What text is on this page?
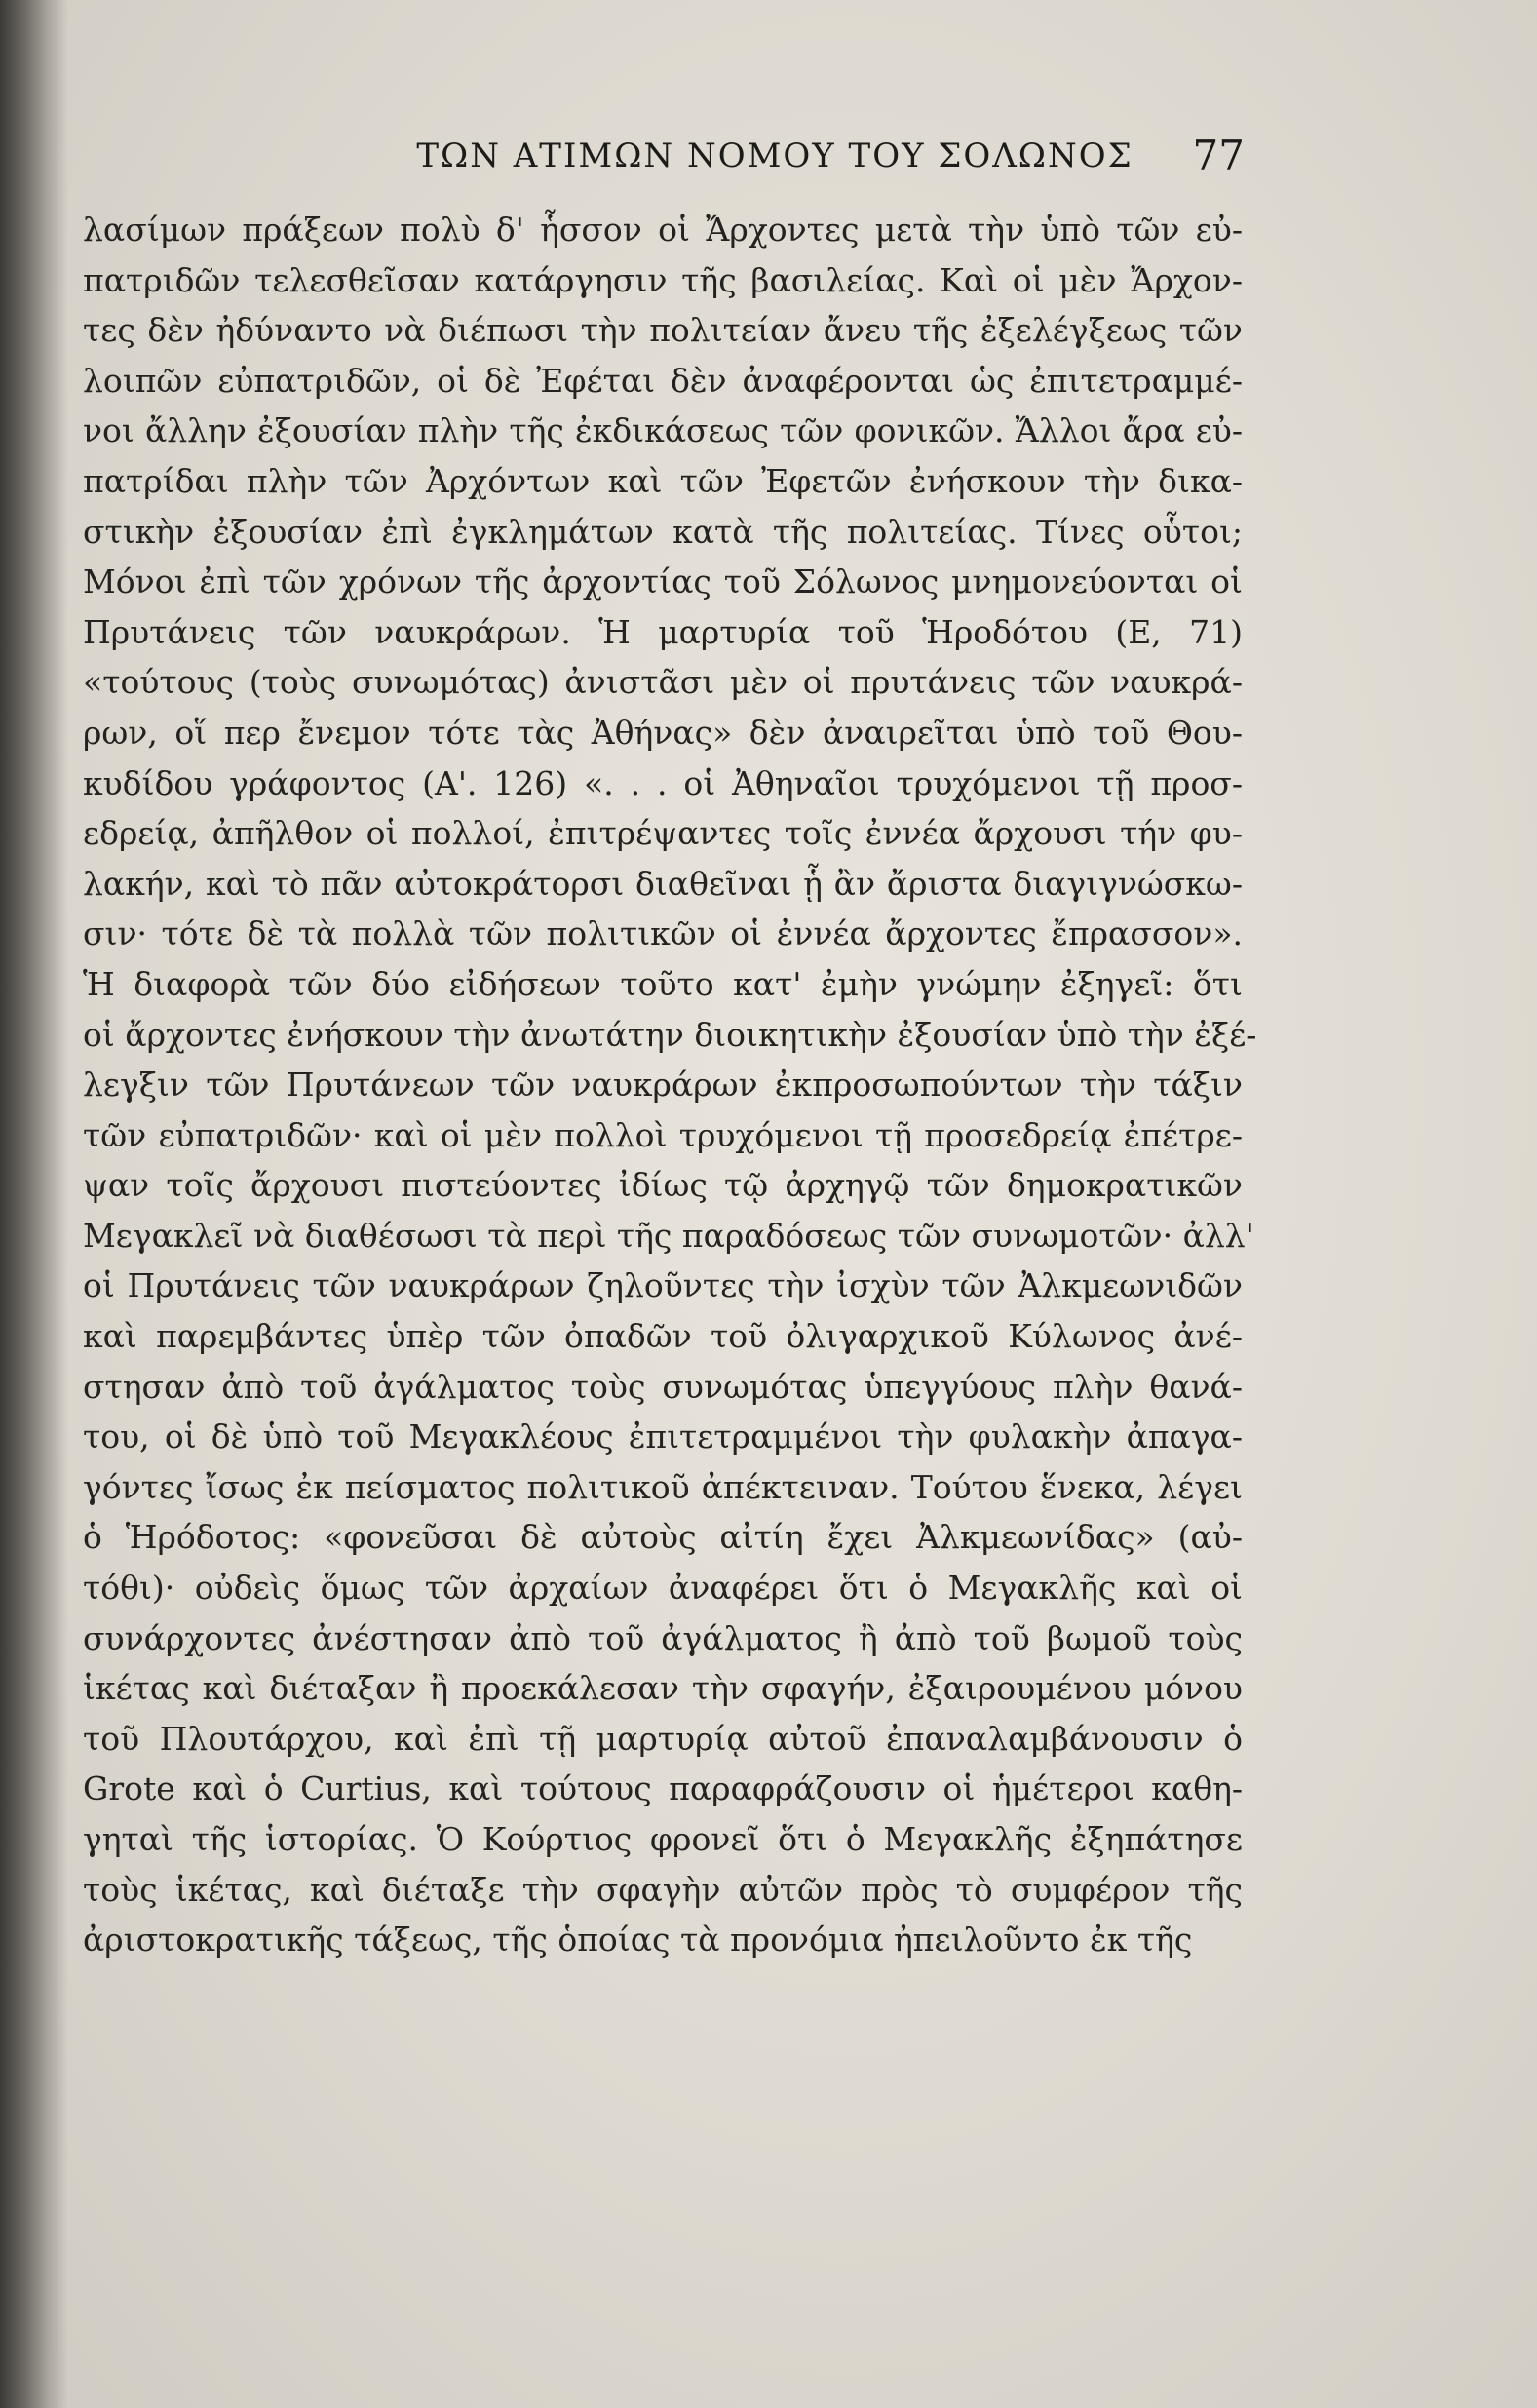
ΤΩΝ ΑΤΙΜΩΝ ΝΟΜΟΥ ΤΟΥ ΣΟΛΩΝΟΣ	77
λασίμων πράξεων πολὺ δ' ἧσσον οἱ Ἄρχοντες μετὰ τὴν ὑπὸ τῶν εὐ-
πατριδῶν τελεσθεῖσαν κατάργησιν τῆς βασιλείας. Καὶ οἱ μὲν Ἄρχον-
τες δὲν ἠδύναντο νὰ διέπωσι τὴν πολιτείαν ἄνευ τῆς ἐξελέγξεως τῶν
λοιπῶν εὐπατριδῶν, οἱ δὲ Ἐφέται δὲν ἀναφέρονται ὡς ἐπιτετραμμέ-
νοι ἄλλην ἐξουσίαν πλὴν τῆς ἐκδικάσεως τῶν φονικῶν. Ἄλλοι ἄρα εὐ-
πατρίδαι πλὴν τῶν Ἀρχόντων καὶ τῶν Ἐφετῶν ἐνήσκουν τὴν δικα-
στικὴν ἐξουσίαν ἐπὶ ἐγκλημάτων κατὰ τῆς πολιτείας. Τίνες οὗτοι;
Μόνοι ἐπὶ τῶν χρόνων τῆς ἀρχοντίας τοῦ Σόλωνος μνημονεύονται οἱ
Πρυτάνεις τῶν ναυκράρων. Ἡ μαρτυρία τοῦ Ἡροδότου (Ε, 71)
«τούτους (τοὺς συνωμότας) ἀνιστᾶσι μὲν οἱ πρυτάνεις τῶν ναυκρά-
ρων, οἵ περ ἔνεμον τότε τὰς Ἀθήνας» δὲν ἀναιρεῖται ὑπὸ τοῦ Θου-
κυδίδου γράφοντος (Α'. 126) «. . . οἱ Ἀθηναῖοι τρυχόμενοι τῇ προσ-
εδρείᾳ, ἀπῆλθον οἱ πολλοί, ἐπιτρέψαντες τοῖς ἐννέα ἄρχουσι τήν φυ-
λακήν, καὶ τὸ πᾶν αὐτοκράτορσι διαθεῖναι ᾗ ἂν ἄριστα διαγιγνώσκω-
σιν· τότε δὲ τὰ πολλὰ τῶν πολιτικῶν οἱ ἐννέα ἄρχοντες ἔπρασσον».
Ἡ διαφορὰ τῶν δύο εἰδήσεων τοῦτο κατ' ἐμὴν γνώμην ἐξηγεῖ: ὅτι
οἱ ἄρχοντες ἐνήσκουν τὴν ἀνωτάτην διοικητικὴν ἐξουσίαν ὑπὸ τὴν ἐξέ-
λεγξιν τῶν Πρυτάνεων τῶν ναυκράρων ἐκπροσωπούντων τὴν τάξιν
τῶν εὐπατριδῶν· καὶ οἱ μὲν πολλοὶ τρυχόμενοι τῇ προσεδρείᾳ ἐπέτρε-
ψαν τοῖς ἄρχουσι πιστεύοντες ἰδίως τῷ ἀρχηγῷ τῶν δημοκρατικῶν
Μεγακλεῖ νὰ διαθέσωσι τὰ περὶ τῆς παραδόσεως τῶν συνωμοτῶν· ἀλλ'
οἱ Πρυτάνεις τῶν ναυκράρων ζηλοῦντες τὴν ἰσχὺν τῶν Ἀλκμεωνιδῶν
καὶ παρεμβάντες ὑπὲρ τῶν ὀπαδῶν τοῦ ὀλιγαρχικοῦ Κύλωνος ἀνέ-
στησαν ἀπὸ τοῦ ἀγάλματος τοὺς συνωμότας ὑπεγγύους πλὴν θανά-
του, οἱ δὲ ὑπὸ τοῦ Μεγακλέους ἐπιτετραμμένοι τὴν φυλακὴν ἀπαγα-
γόντες ἴσως ἐκ πείσματος πολιτικοῦ ἀπέκτειναν. Τούτου ἕνεκα, λέγει
ὁ Ἡρόδοτος: «φονεῦσαι δὲ αὐτοὺς αἰτίη ἔχει Ἀλκμεωνίδας» (αὐ-
τόθι)· οὐδεὶς ὅμως τῶν ἀρχαίων ἀναφέρει ὅτι ὁ Μεγακλῆς καὶ οἱ
συνάρχοντες ἀνέστησαν ἀπὸ τοῦ ἀγάλματος ἢ ἀπὸ τοῦ βωμοῦ τοὺς
ἱκέτας καὶ διέταξαν ἢ προεκάλεσαν τὴν σφαγήν, ἐξαιρουμένου μόνου
τοῦ Πλουτάρχου, καὶ ἐπὶ τῇ μαρτυρίᾳ αὐτοῦ ἐπαναλαμβάνουσιν ὁ
Grote καὶ ὁ Curtius, καὶ τούτους παραφράζουσιν οἱ ἡμέτεροι καθη-
γηταὶ τῆς ἱστορίας. Ὁ Κούρτιος φρονεῖ ὅτι ὁ Μεγακλῆς ἐξηπάτησε
τοὺς ἱκέτας, καὶ διέταξε τὴν σφαγὴν αὐτῶν πρὸς τὸ συμφέρον τῆς
ἀριστοκρατικῆς τάξεως, τῆς ὁποίας τὰ προνόμια ἠπειλοῦντο ἐκ τῆς
